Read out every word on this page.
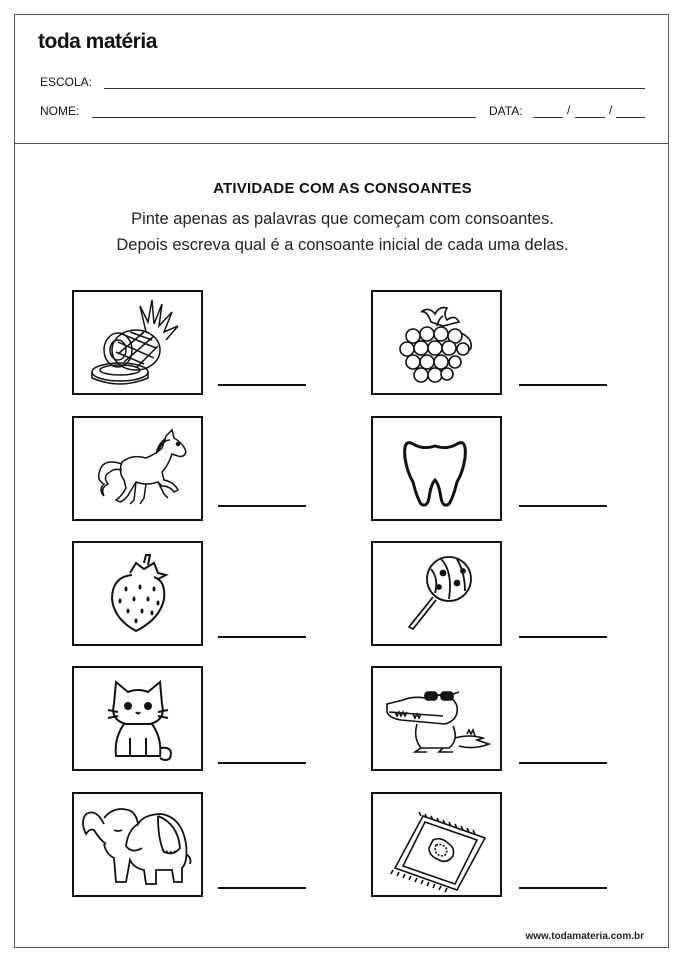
toda matéria
ESCOLA:
NOME:	DATA:	/	/
ATIVIDADE COM AS CONSOANTES
Pinte apenas as palavras que começam com consoantes.
Depois escreva qual é a consoante inicial de cada uma delas.
www.todamateria.com.br
